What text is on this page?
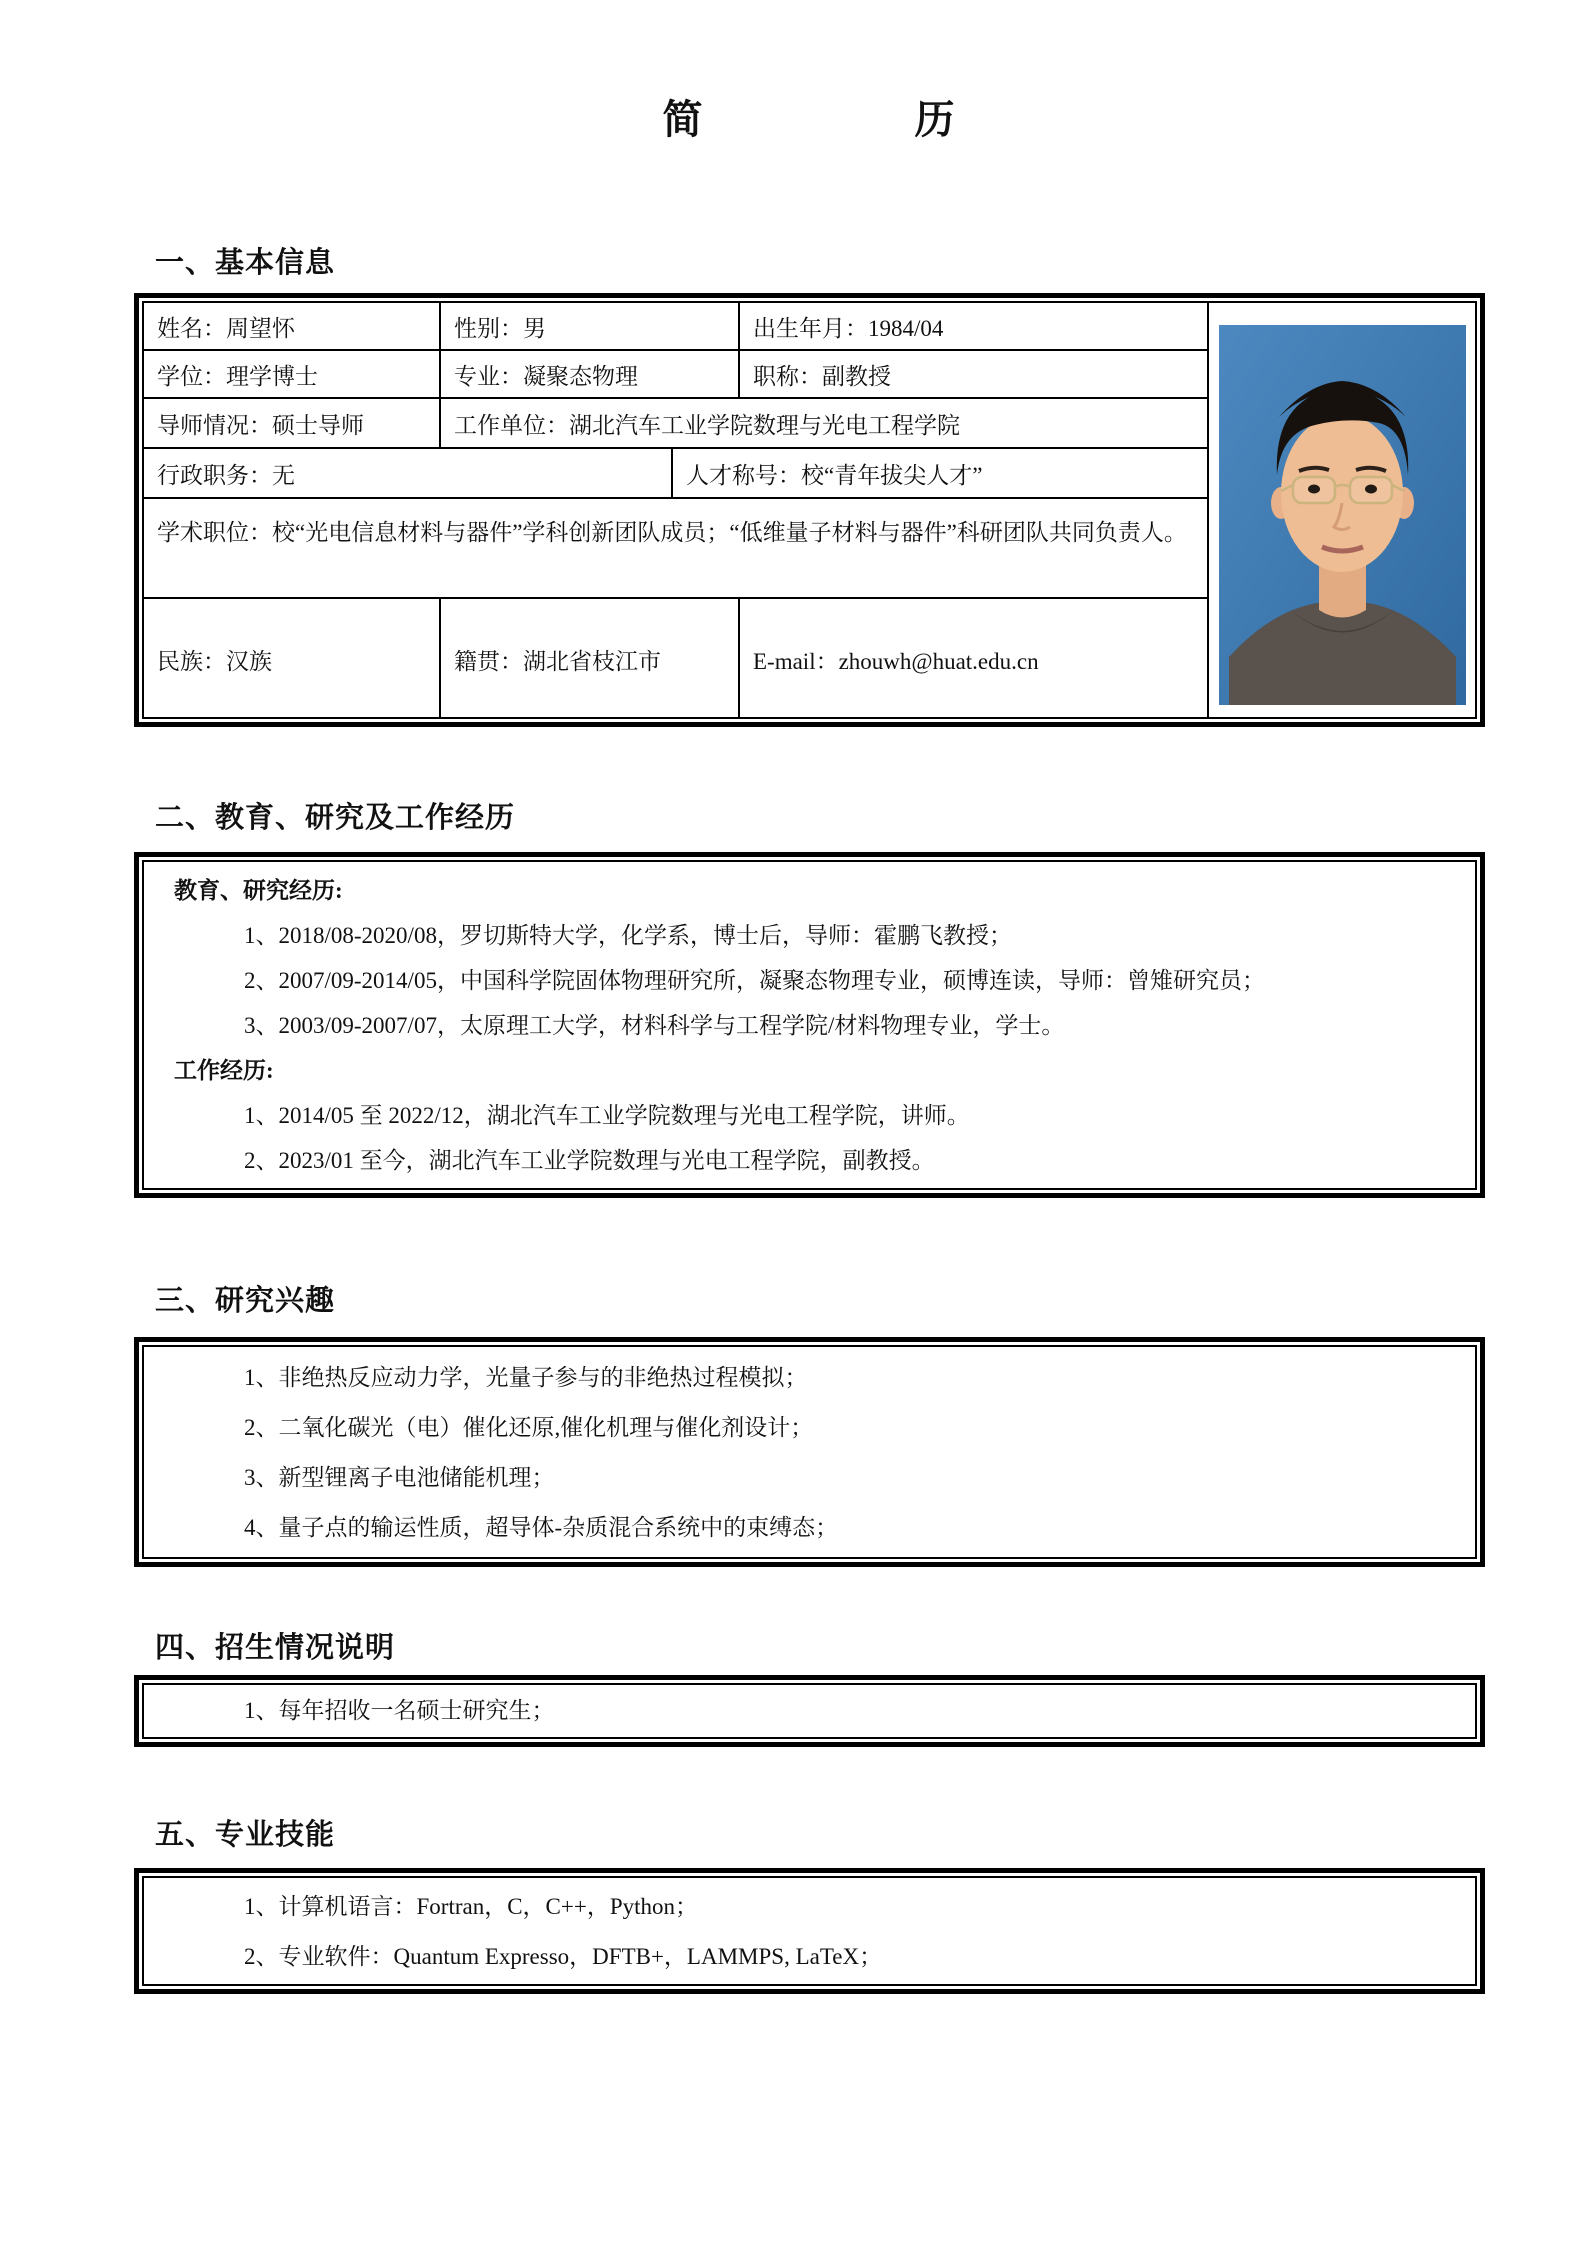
简　　　　　历
一、基本信息
姓名：周望怀	性别：男	出生年月：1984/04
学位：理学博士	专业：凝聚态物理	职称：副教授
导师情况：硕士导师	工作单位：湖北汽车工业学院数理与光电工程学院
行政职务：无	人才称号：校“青年拔尖人才”
学术职位：校“光电信息材料与器件”学科创新团队成员；“低维量子材料与器件”科研团队共同负责人。
民族：汉族	籍贯：湖北省枝江市	E-mail：zhouwh@huat.edu.cn
二、教育、研究及工作经历
教育、研究经历:
1、2018/08-2020/08，罗切斯特大学，化学系，博士后，导师：霍鹏飞教授；
2、2007/09-2014/05，中国科学院固体物理研究所，凝聚态物理专业，硕博连读，导师：曾雉研究员；
3、2003/09-2007/07，太原理工大学，材料科学与工程学院/材料物理专业，学士。
工作经历:
1、2014/05 至 2022/12，湖北汽车工业学院数理与光电工程学院，讲师。
2、2023/01 至今，湖北汽车工业学院数理与光电工程学院，副教授。
三、研究兴趣
1、非绝热反应动力学，光量子参与的非绝热过程模拟；
2、二氧化碳光（电）催化还原,催化机理与催化剂设计；
3、新型锂离子电池储能机理；
4、量子点的输运性质，超导体-杂质混合系统中的束缚态；
四、招生情况说明
1、每年招收一名硕士研究生；
五、专业技能
1、计算机语言：Fortran，C，C++，Python；
2、专业软件：Quantum Expresso，DFTB+，LAMMPS, LaTeX；
